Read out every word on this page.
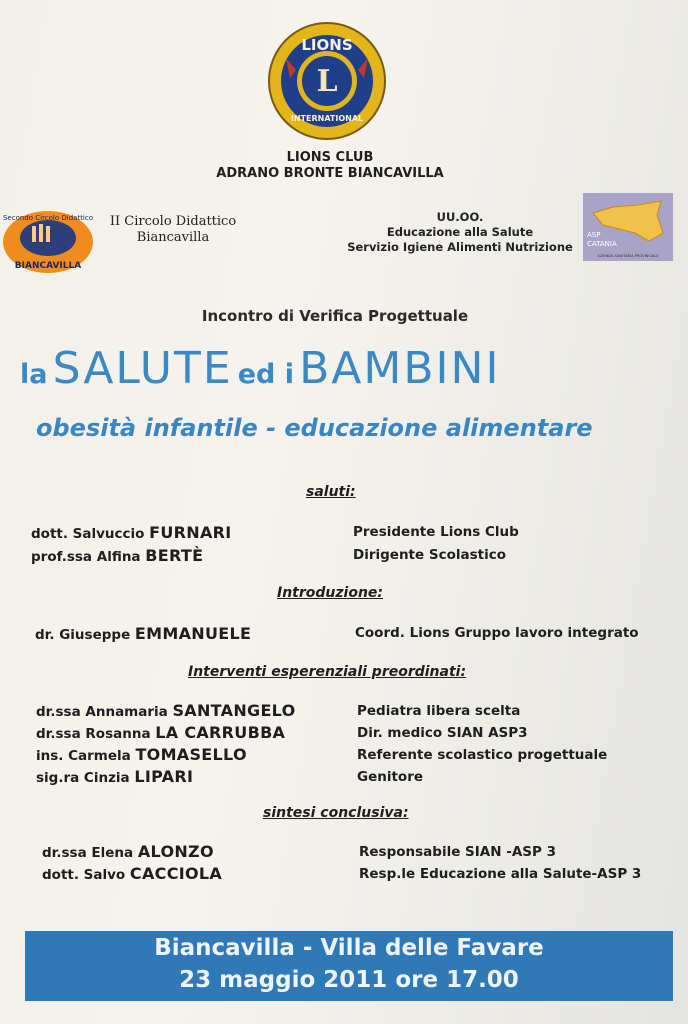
LIONS
L
INTERNATIONAL
LIONS CLUB
ADRANO BRONTE BIANCAVILLA
Secondo Circolo Didattico
BIANCAVILLA
II Circolo Didattico
Biancavilla
UU.OO.
Educazione alla Salute
Servizio Igiene Alimenti Nutrizione
ASP
CATANIA
AZIENDA SANITARIA PROVINCIALE
Incontro di Verifica Progettuale
la SALUTE ed i BAMBINI
obesità infantile - educazione alimentare
saluti:
dott. Salvuccio FURNARI	Presidente Lions Club
prof.ssa Alfina BERTÈ	Dirigente Scolastico
Introduzione:
dr. Giuseppe EMMANUELE	Coord. Lions Gruppo lavoro integrato
Interventi esperenziali preordinati:
dr.ssa Annamaria SANTANGELO	Pediatra libera scelta
dr.ssa Rosanna LA CARRUBBA	Dir. medico SIAN ASP3
ins. Carmela TOMASELLO	Referente scolastico progettuale
sig.ra Cinzia LIPARI	Genitore
sintesi conclusiva:
dr.ssa Elena ALONZO	Responsabile SIAN -ASP 3
dott. Salvo CACCIOLA	Resp.le Educazione alla Salute-ASP 3
Biancavilla - Villa delle Favare
23 maggio 2011 ore 17.00
